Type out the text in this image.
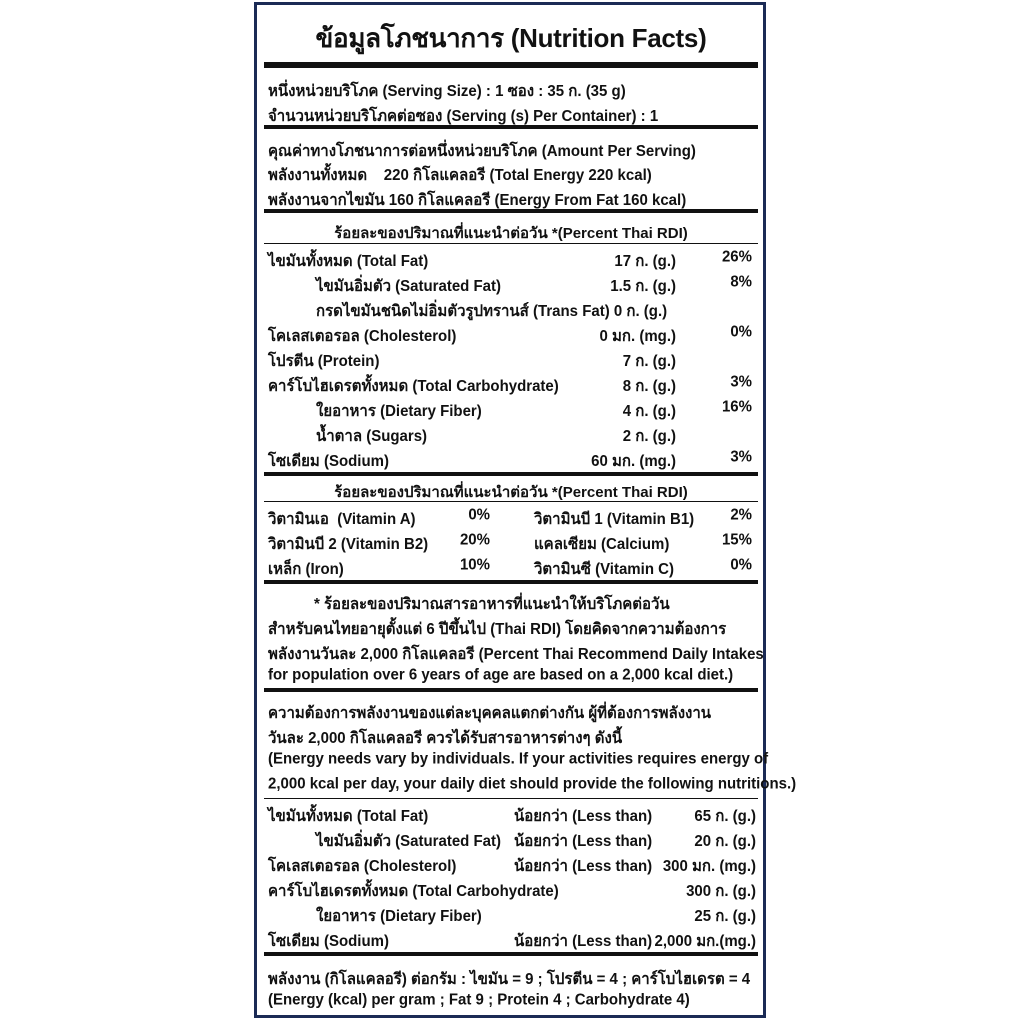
ข้อมูลโภชนาการ (Nutrition Facts)
หนึ่งหน่วยบริโภค (Serving Size) : 1 ซอง : 35 ก. (35 g)
จำนวนหน่วยบริโภคต่อซอง (Serving (s) Per Container) : 1
คุณค่าทางโภชนาการต่อหนึ่งหน่วยบริโภค (Amount Per Serving)
พลังงานทั้งหมด    220 กิโลแคลอรี (Total Energy 220 kcal)
พลังงานจากไขมัน 160 กิโลแคลอรี (Energy From Fat 160 kcal)
ร้อยละของปริมาณที่แนะนำต่อวัน *(Percent Thai RDI)
ไขมันทั้งหมด (Total Fat)	17 ก. (g.)	26%
ไขมันอิ่มตัว (Saturated Fat)	1.5 ก. (g.)	8%
กรดไขมันชนิดไม่อิ่มตัวรูปทรานส์ (Trans Fat) 0 ก. (g.)
โคเลสเตอรอล (Cholesterol)	0 มก. (mg.)	0%
โปรตีน (Protein)	7 ก. (g.)
คาร์โบไฮเดรตทั้งหมด (Total Carbohydrate)	8 ก. (g.)	3%
ใยอาหาร (Dietary Fiber)	4 ก. (g.)	16%
น้ำตาล (Sugars)	2 ก. (g.)
โซเดียม (Sodium)	60 มก. (mg.)	3%
ร้อยละของปริมาณที่แนะนำต่อวัน *(Percent Thai RDI)
วิตามินเอ  (Vitamin A)	0%	วิตามินบี 1 (Vitamin B1) 2%
วิตามินบี 2 (Vitamin B2) 20%	แคลเซียม (Calcium)	15%
เหล็ก (Iron)	10%	วิตามินซี (Vitamin C)	0%
* ร้อยละของปริมาณสารอาหารที่แนะนำให้บริโภคต่อวัน
สำหรับคนไทยอายุตั้งแต่ 6 ปีขึ้นไป (Thai RDI) โดยคิดจากความต้องการ
พลังงานวันละ 2,000 กิโลแคลอรี (Percent Thai Recommend Daily Intakes
for population over 6 years of age are based on a 2,000 kcal diet.)
ความต้องการพลังงานของแต่ละบุคคลแตกต่างกัน ผู้ที่ต้องการพลังงาน
วันละ 2,000 กิโลแคลอรี ควรได้รับสารอาหารต่างๆ ดังนี้
(Energy needs vary by individuals. If your activities requires energy of
2,000 kcal per day, your daily diet should provide the following nutritions.)
ไขมันทั้งหมด (Total Fat)	น้อยกว่า (Less than)	65 ก. (g.)
ไขมันอิ่มตัว (Saturated Fat) น้อยกว่า (Less than)	20 ก. (g.)
โคเลสเตอรอล (Cholesterol)	น้อยกว่า (Less than) 300 มก. (mg.)
คาร์โบไฮเดรตทั้งหมด (Total Carbohydrate)	300 ก. (g.)
ใยอาหาร (Dietary Fiber)	25 ก. (g.)
โซเดียม (Sodium)	น้อยกว่า (Less than) 2,000 มก.(mg.)
พลังงาน (กิโลแคลอรี) ต่อกรัม : ไขมัน = 9 ; โปรตีน = 4 ; คาร์โบไฮเดรต = 4
(Energy (kcal) per gram ; Fat 9 ; Protein 4 ; Carbohydrate 4)
